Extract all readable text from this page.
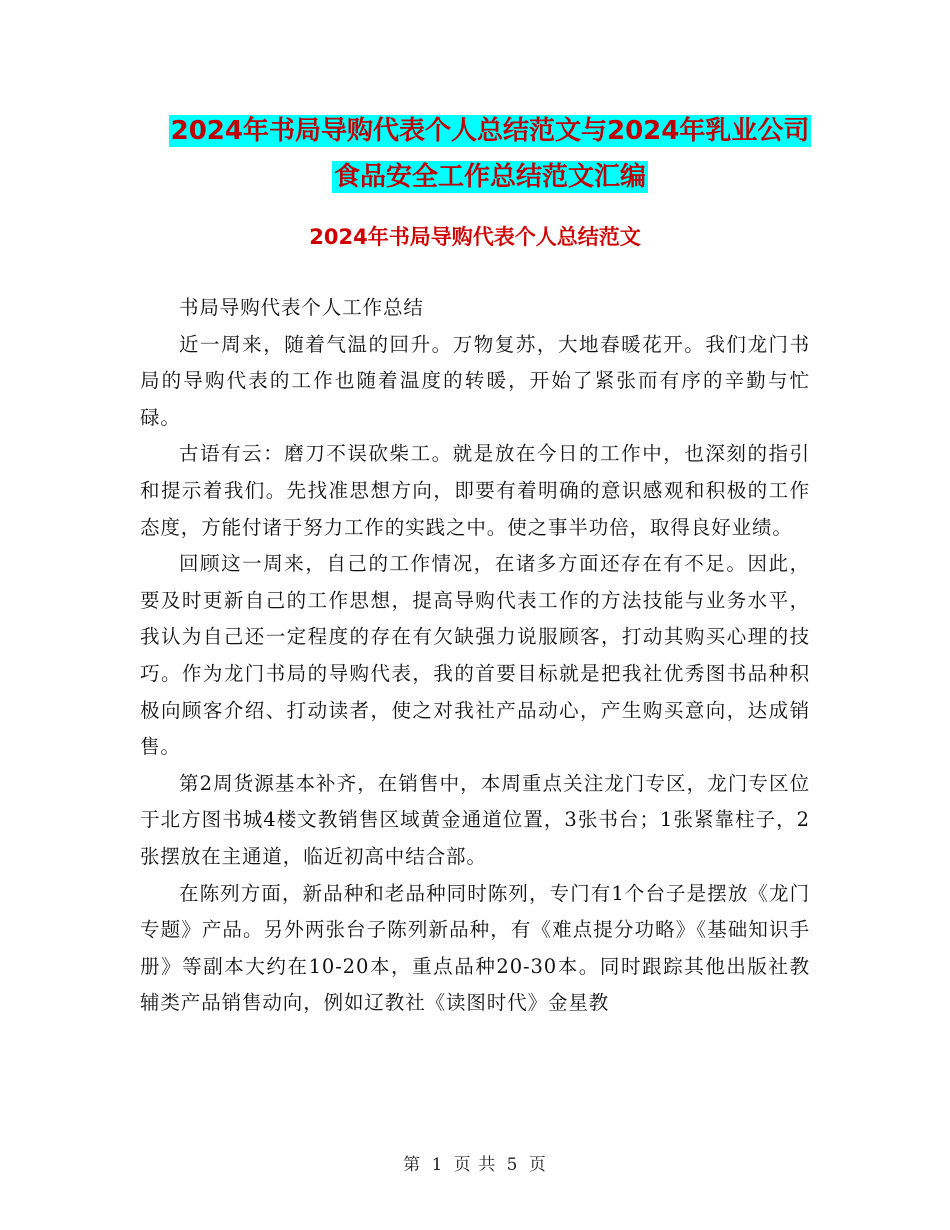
2024年书局导购代表个人总结范文与2024年乳业公司
食品安全工作总结范文汇编
2024年书局导购代表个人总结范文

书局导购代表个人工作总结

近一周来，随着气温的回升。万物复苏，大地春暖花开。我们龙门书局的导购代表的工作也随着温度的转暖，开始了紧张而有序的辛勤与忙碌。

古语有云：磨刀不误砍柴工。就是放在今日的工作中，也深刻的指引和提示着我们。先找准思想方向，即要有着明确的意识感观和积极的工作态度，方能付诸于努力工作的实践之中。使之事半功倍，取得良好业绩。

回顾这一周来，自己的工作情况，在诸多方面还存在有不足。因此，要及时更新自己的工作思想，提高导购代表工作的方法技能与业务水平，我认为自己还一定程度的存在有欠缺强力说服顾客，打动其购买心理的技巧。作为龙门书局的导购代表，我的首要目标就是把我社优秀图书品种积极向顾客介绍、打动读者，使之对我社产品动心，产生购买意向，达成销售。

第2周货源基本补齐，在销售中，本周重点关注龙门专区，龙门专区位于北方图书城4楼文教销售区域黄金通道位置，3张书台；1张紧靠柱子，2张摆放在主通道，临近初高中结合部。

在陈列方面，新品种和老品种同时陈列，专门有1个台子是摆放《龙门专题》产品。另外两张台子陈列新品种，有《难点提分功略》《基础知识手册》等副本大约在10-20本，重点品种20-30本。同时跟踪其他出版社教辅类产品销售动向，例如辽教社《读图时代》金星教

第 1 页 共 5 页
